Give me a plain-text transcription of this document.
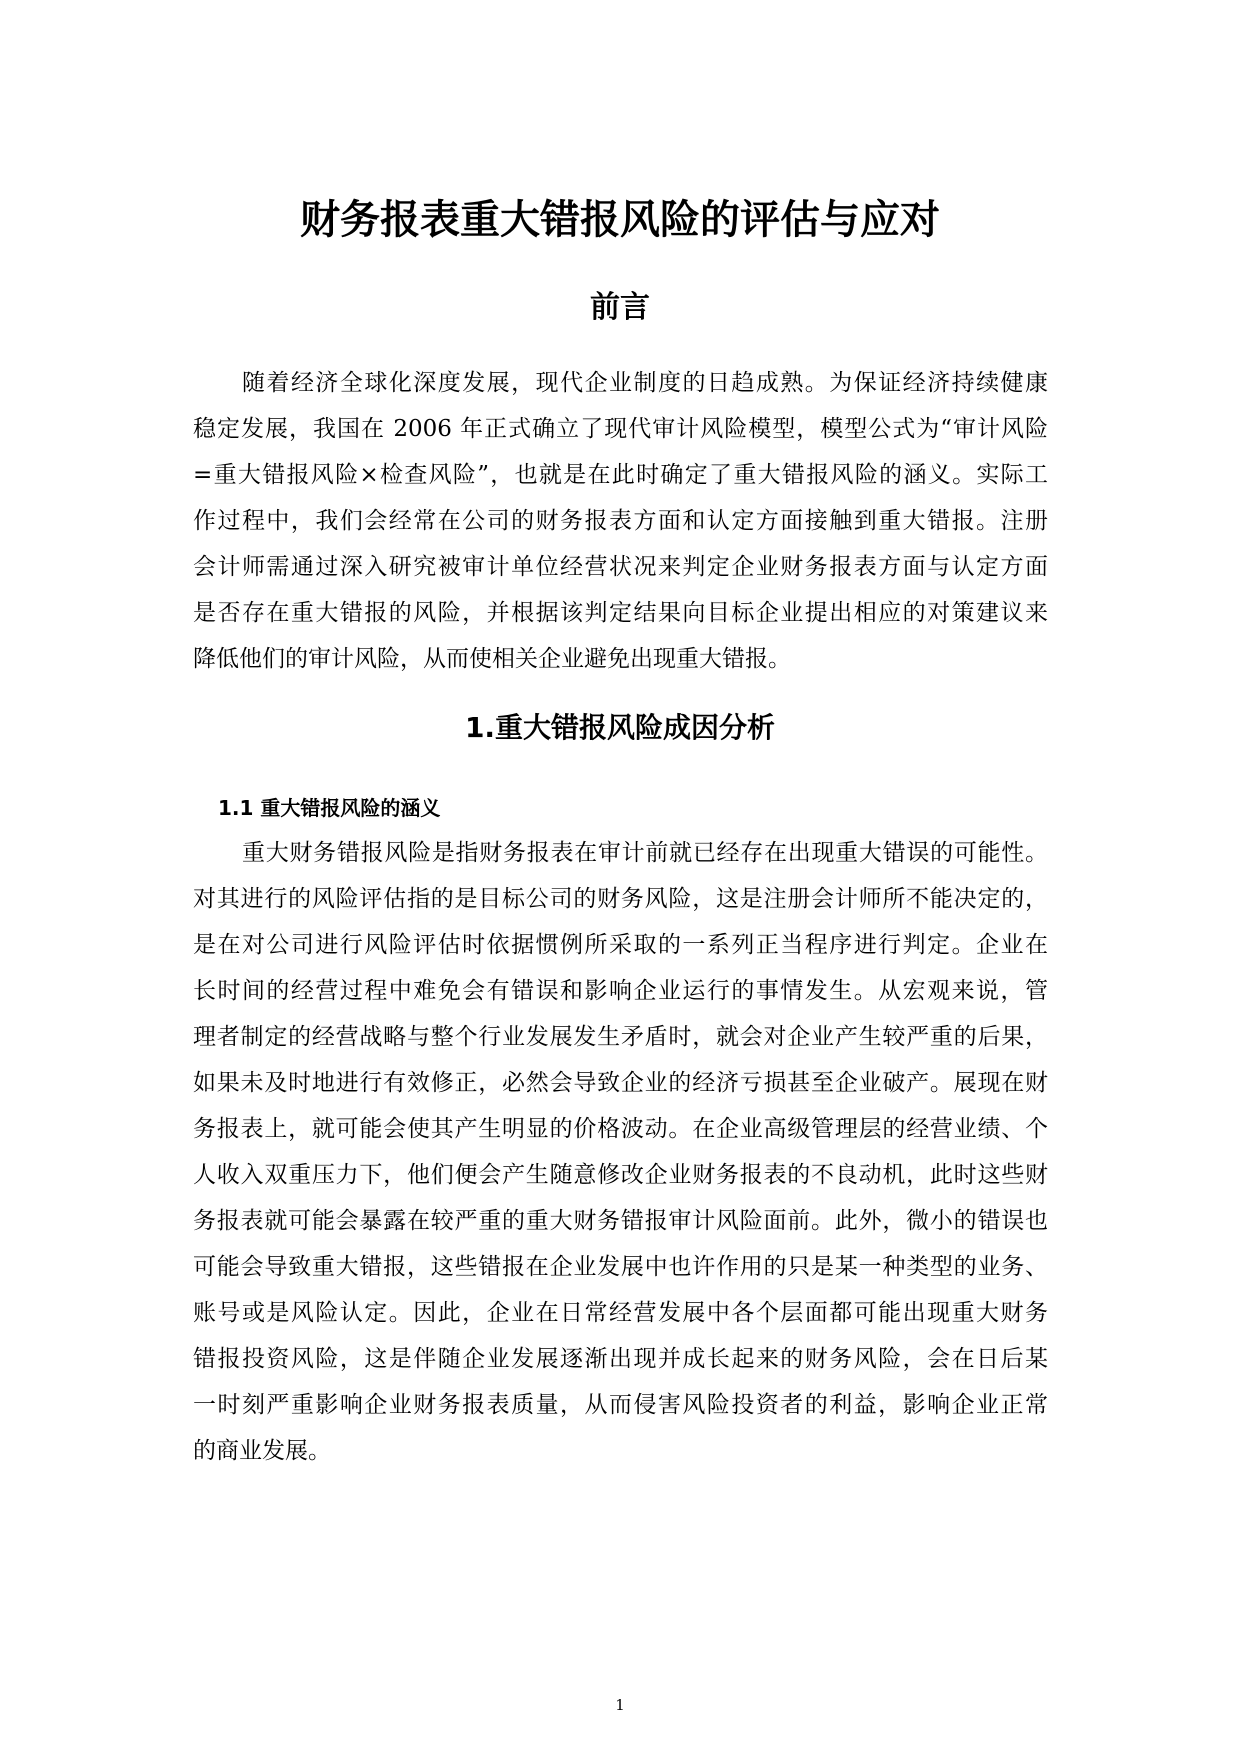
财务报表重大错报风险的评估与应对
前言
随着经济全球化深度发展，现代企业制度的日趋成熟。为保证经济持续健康
稳定发展，我国在 2006 年正式确立了现代审计风险模型，模型公式为“审计风险
=重大错报风险×检查风险”，也就是在此时确定了重大错报风险的涵义。实际工
作过程中，我们会经常在公司的财务报表方面和认定方面接触到重大错报。注册
会计师需通过深入研究被审计单位经营状况来判定企业财务报表方面与认定方面
是否存在重大错报的风险，并根据该判定结果向目标企业提出相应的对策建议来
降低他们的审计风险，从而使相关企业避免出现重大错报。
1.重大错报风险成因分析
1.1 重大错报风险的涵义
重大财务错报风险是指财务报表在审计前就已经存在出现重大错误的可能性。
对其进行的风险评估指的是目标公司的财务风险，这是注册会计师所不能决定的，
是在对公司进行风险评估时依据惯例所采取的一系列正当程序进行判定。企业在
长时间的经营过程中难免会有错误和影响企业运行的事情发生。从宏观来说，管
理者制定的经营战略与整个行业发展发生矛盾时，就会对企业产生较严重的后果，
如果未及时地进行有效修正，必然会导致企业的经济亏损甚至企业破产。展现在财
务报表上，就可能会使其产生明显的价格波动。在企业高级管理层的经营业绩、个
人收入双重压力下，他们便会产生随意修改企业财务报表的不良动机，此时这些财
务报表就可能会暴露在较严重的重大财务错报审计风险面前。此外，微小的错误也
可能会导致重大错报，这些错报在企业发展中也许作用的只是某一种类型的业务、
账号或是风险认定。因此，企业在日常经营发展中各个层面都可能出现重大财务
错报投资风险，这是伴随企业发展逐渐出现并成长起来的财务风险，会在日后某
一时刻严重影响企业财务报表质量，从而侵害风险投资者的利益，影响企业正常
的商业发展。
1
